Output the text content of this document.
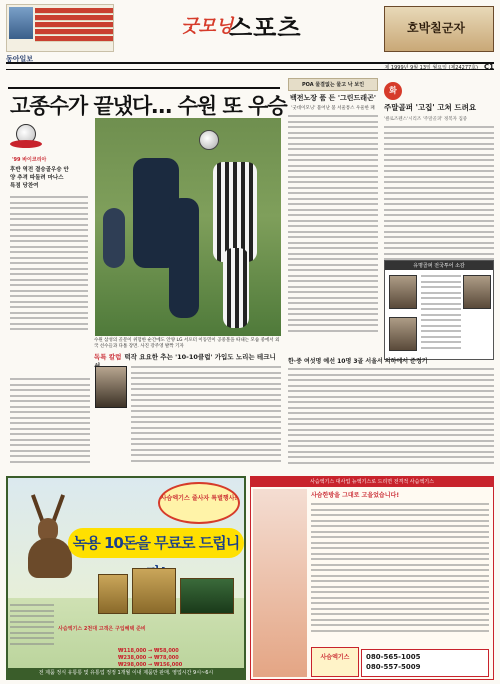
동아일보
굿모닝
스포츠	호박칠군자
제 1999년 9월 13일 월요일 (제24277호) C1
고종수가 끝냈다… 수원 또 우승
'99 바이코리아
후반 역전 결승골우승 안양 추격 따돌려 마나스 특점 당찬여
수원 삼성의 골문이 위험한 순간에도 안양 LG 서포터 이동민이 공중볼을 따내는 모습 중에서 외국 선수들과 다툼 장면. 사진 강주영 발짝 기자
POA 물결없는 물고 낙 보인
백전노장 품 든 '그린드래곤'
'굿데이모닝' 불어난 불 서울통스 우울한 패
화
주말골퍼 '고집' 고쳐 드려요
'클로즈펜스'시리즈 '주말골퍼' 정복자 집중
유명골퍼 전국투어 소감
독특 칼럼 떡작 요요한 추는 '10-10클럽' 가입도 노리는 테크니
한·중 여섯명 예선 10명 3골 서울서 의하에서 준정기
사슴엑기스 줄사자 특별행사!
녹용 10돈을 무료로 드립니
사슴엑기스 2천대 고객은 구입혜택 준비
₩118,000 → ₩58,000
₩238,000 → ₩78,000
₩298,000 → ₩156,000
전 제품 정식 유통통 및 유통업 정정 1개월 이내 제품만 판매. 영업시간 9시~6시
사슴엑기스 대사업 뉴엑기스로 드리면 전격적 사슴엑기스
사슴한방을 그대로 고을었습니다!
사슴엑기스	080-565-1005
080-557-5009
